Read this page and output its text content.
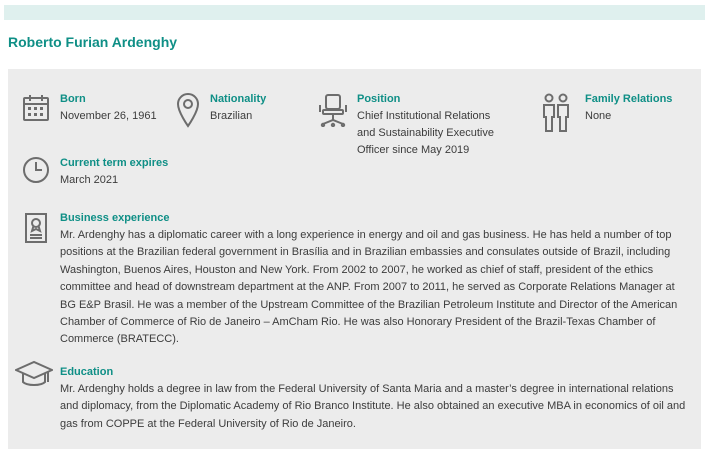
Roberto Furian Ardenghy
Born
November 26, 1961
Nationality
Brazilian
Position
Chief Institutional Relations
and Sustainability Executive
Officer since May 2019
Family Relations
None
Current term expires
March 2021
Business experience
Mr. Ardenghy has a diplomatic career with a long experience in energy and oil and gas business. He has held a number of top
positions at the Brazilian federal government in Brasília and in Brazilian embassies and consulates outside of Brazil, including
Washington, Buenos Aires, Houston and New York. From 2002 to 2007, he worked as chief of staff, president of the ethics
committee and head of downstream department at the ANP. From 2007 to 2011, he served as Corporate Relations Manager at
BG E&P Brasil. He was a member of the Upstream Committee of the Brazilian Petroleum Institute and Director of the American
Chamber of Commerce of Rio de Janeiro – AmCham Rio. He was also Honorary President of the Brazil-Texas Chamber of
Commerce (BRATECC).
Education
Mr. Ardenghy holds a degree in law from the Federal University of Santa Maria and a master’s degree in international relations
and diplomacy, from the Diplomatic Academy of Rio Branco Institute. He also obtained an executive MBA in economics of oil and
gas from COPPE at the Federal University of Rio de Janeiro.
